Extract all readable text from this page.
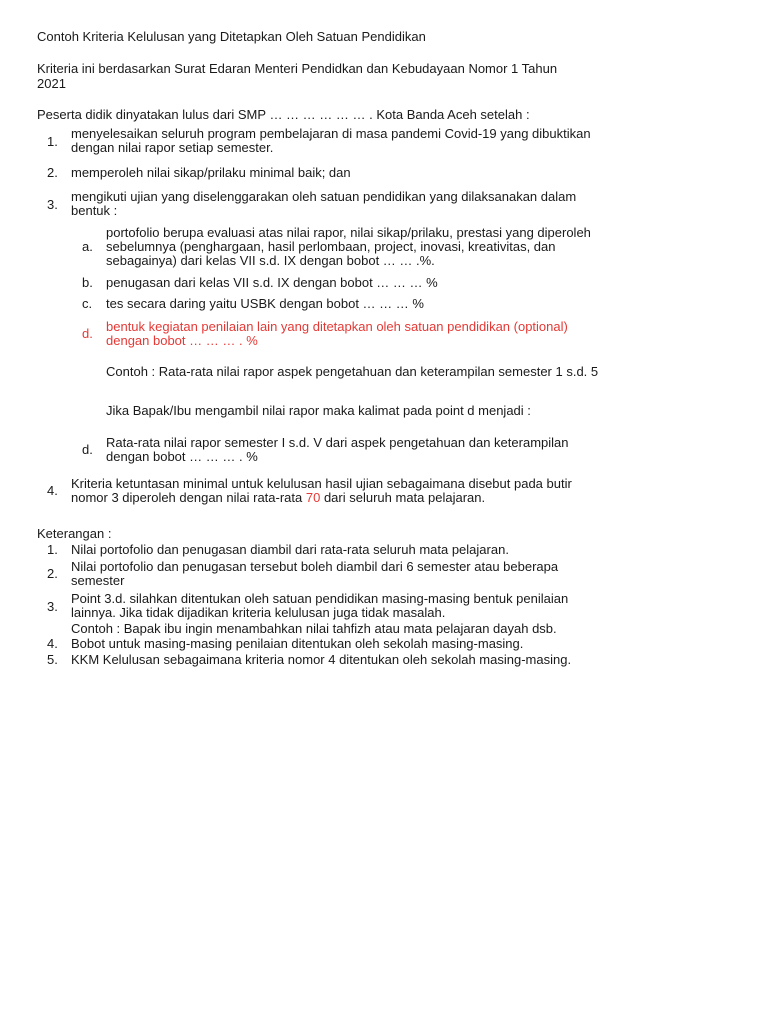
Contoh Kriteria Kelulusan yang Ditetapkan Oleh Satuan Pendidikan
Kriteria ini berdasarkan Surat Edaran Menteri Pendidkan dan Kebudayaan Nomor 1 Tahun
2021
Peserta didik dinyatakan lulus dari SMP … … … … … … . Kota Banda Aceh setelah :
1.
menyelesaikan seluruh program pembelajaran di masa pandemi Covid-19 yang dibuktikan
dengan nilai rapor setiap semester.
2. memperoleh nilai sikap/prilaku minimal baik; dan
3.
mengikuti ujian yang diselenggarakan oleh satuan pendidikan yang dilaksanakan dalam
bentuk :
a.
portofolio berupa evaluasi atas nilai rapor, nilai sikap/prilaku, prestasi yang diperoleh
sebelumnya (penghargaan, hasil perlombaan, project, inovasi, kreativitas, dan
sebagainya) dari kelas VII s.d. IX dengan bobot … … .%.
b. penugasan dari kelas VII s.d. IX dengan bobot … … … %
c. tes secara daring yaitu USBK dengan bobot … … … %
d. bentuk kegiatan penilaian lain yang ditetapkan oleh satuan pendidikan (optional)
dengan bobot … … … . %
Contoh : Rata-rata nilai rapor aspek pengetahuan dan keterampilan semester 1 s.d. 5
Jika Bapak/Ibu mengambil nilai rapor maka kalimat pada point d menjadi :
d. Rata-rata nilai rapor semester I s.d. V dari aspek pengetahuan dan keterampilan
dengan bobot … … … . %
4. Kriteria ketuntasan minimal untuk kelulusan hasil ujian sebagaimana disebut pada butir
nomor 3 diperoleh dengan nilai rata-rata 70 dari seluruh mata pelajaran.
Keterangan :
1. Nilai portofolio dan penugasan diambil dari rata-rata seluruh mata pelajaran.
2. Nilai portofolio dan penugasan tersebut boleh diambil dari 6 semester atau beberapa
semester
3.
Point 3.d. silahkan ditentukan oleh satuan pendidikan masing-masing bentuk penilaian
lainnya. Jika tidak dijadikan kriteria kelulusan juga tidak masalah.
Contoh : Bapak ibu ingin menambahkan nilai tahfizh atau mata pelajaran dayah dsb.
4. Bobot untuk masing-masing penilaian ditentukan oleh sekolah masing-masing.
5. KKM Kelulusan sebagaimana kriteria nomor 4 ditentukan oleh sekolah masing-masing.
